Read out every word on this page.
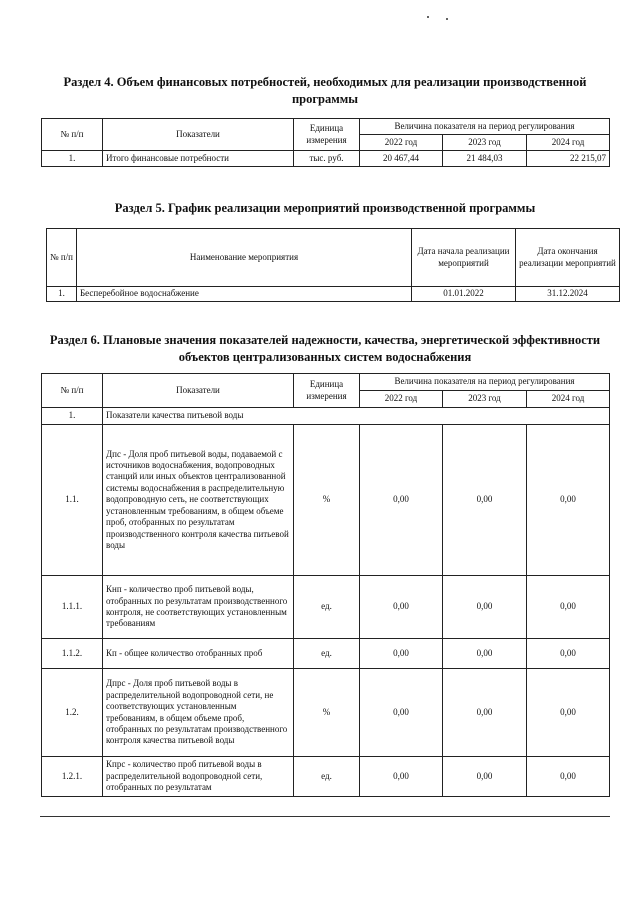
Раздел 4. Объем финансовых потребностей, необходимых для реализации производственной программы
№ п/п	Показатели	Единица измерения	Величина показателя на период регулирования		
			2022 год	2023 год	2024 год
1.	Итого финансовые потребности	тыс. руб.	20 467,44	21 484,03	22 215,07
Раздел 5. График реализации мероприятий производственной программы
№ п/п	Наименование мероприятия	Дата начала реализации мероприятий	Дата окончания реализации мероприятий
1.	Бесперебойное водоснабжение	01.01.2022	31.12.2024
Раздел 6. Плановые значения показателей надежности, качества, энергетической эффективности объектов централизованных систем водоснабжения
№ п/п	Показатели	Единица измерения	Величина показателя на период регулирования		
			2022 год	2023 год	2024 год
1.	Показатели качества питьевой воды				
1.1.	Дпс - Доля проб питьевой воды, подаваемой с источников водоснабжения, водопроводных станций или иных объектов централизованной системы водоснабжения в распределительную водопроводную сеть, не соответствующих установленным требованиям, в общем объеме проб, отобранных по результатам производственного контроля качества питьевой воды	%	0,00	0,00	0,00
1.1.1.	Кнп - количество проб питьевой воды, отобранных по результатам производственного контроля, не соответствующих установленным требованиям	ед.	0,00	0,00	0,00
1.1.2.	Кп - общее количество отобранных проб	ед.	0,00	0,00	0,00
1.2.	Дпрс - Доля проб питьевой воды в распределительной водопроводной сети, не соответствующих установленным требованиям, в общем объеме проб, отобранных по результатам производственного контроля качества питьевой воды	%	0,00	0,00	0,00
1.2.1.	Кпрс - количество проб питьевой воды в распределительной водопроводной сети, отобранных по результатам	ед.	0,00	0,00	0,00
